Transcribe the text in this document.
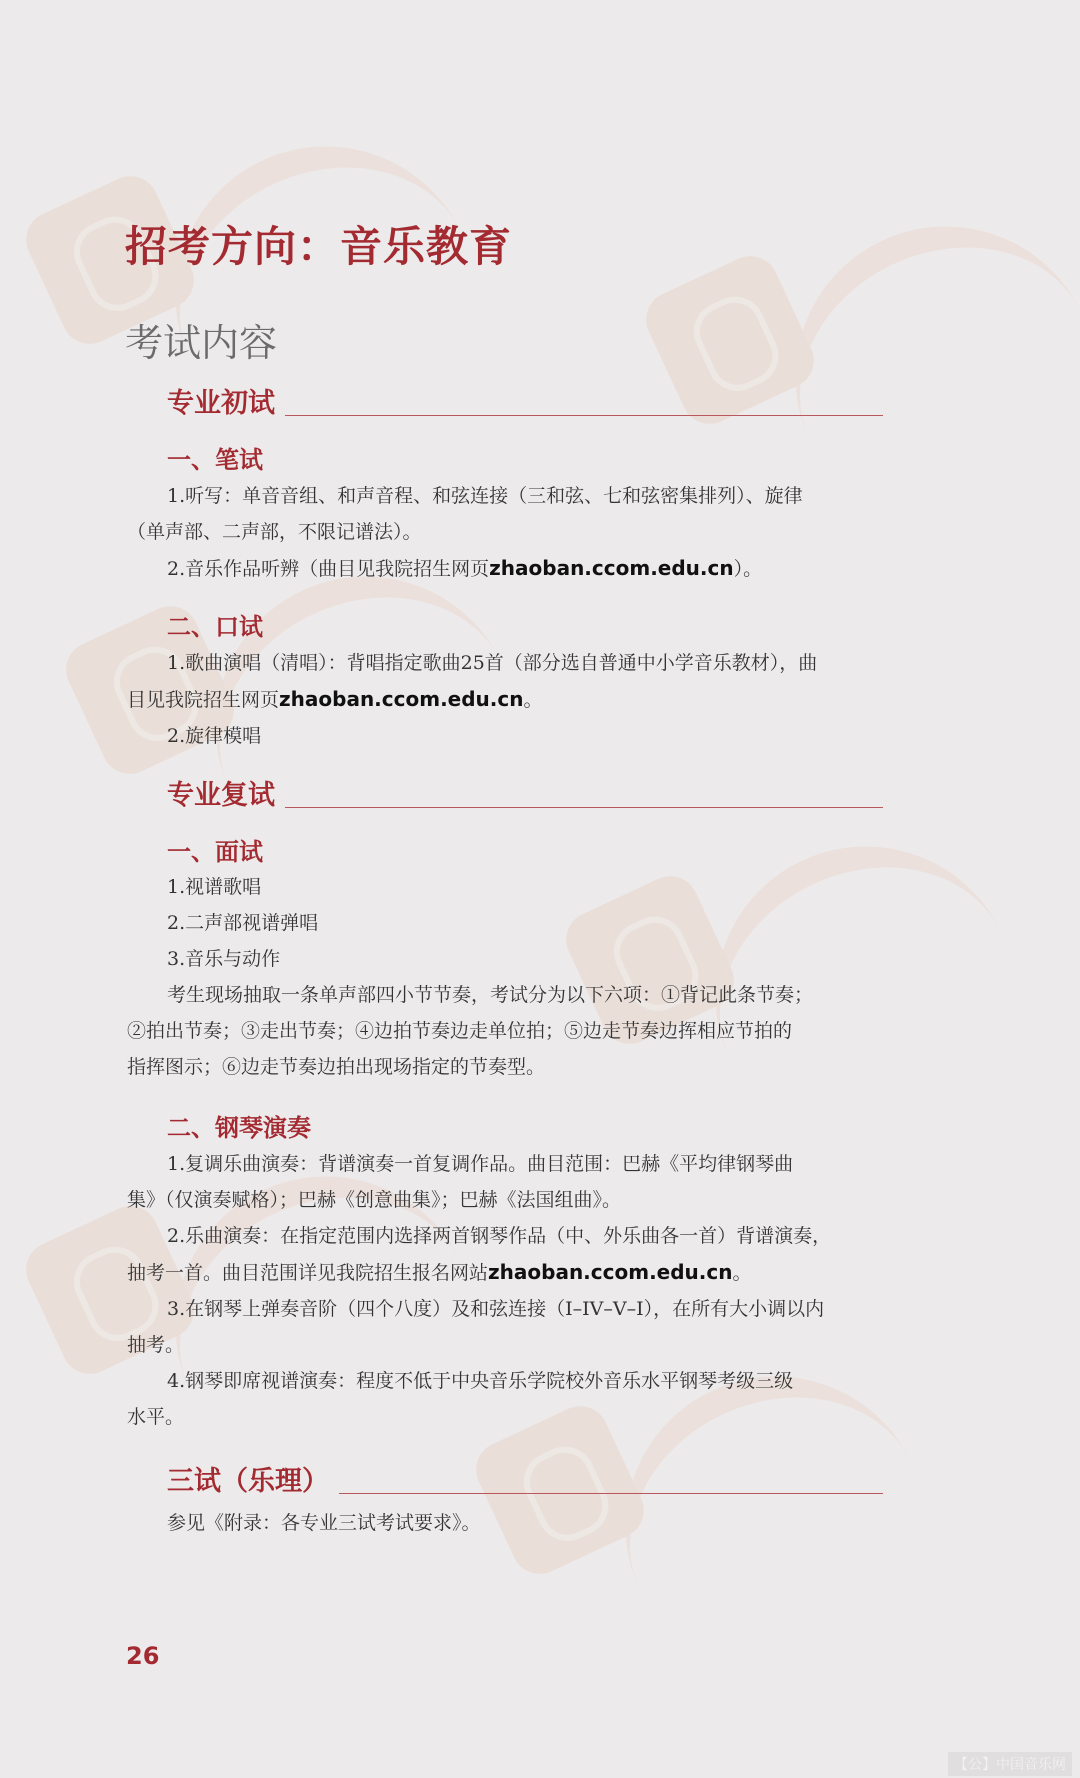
招考方向：音乐教育
考试内容
专业初试
一、笔试
1.听写：单音音组、和声音程、和弦连接（三和弦、七和弦密集排列）、旋律
（单声部、二声部，不限记谱法）。
2.音乐作品听辨（曲目见我院招生网页zhaoban.ccom.edu.cn）。
二、口试
1.歌曲演唱（清唱）：背唱指定歌曲25首（部分选自普通中小学音乐教材），曲
目见我院招生网页zhaoban.ccom.edu.cn。
2.旋律模唱
专业复试
一、面试
1.视谱歌唱
2.二声部视谱弹唱
3.音乐与动作
考生现场抽取一条单声部四小节节奏，考试分为以下六项：①背记此条节奏；
②拍出节奏；③走出节奏；④边拍节奏边走单位拍；⑤边走节奏边挥相应节拍的
指挥图示；⑥边走节奏边拍出现场指定的节奏型。
二、钢琴演奏
1.复调乐曲演奏：背谱演奏一首复调作品。曲目范围：巴赫《平均律钢琴曲
集》（仅演奏赋格）；巴赫《创意曲集》；巴赫《法国组曲》。
2.乐曲演奏：在指定范围内选择两首钢琴作品（中、外乐曲各一首）背谱演奏，
抽考一首。曲目范围详见我院招生报名网站zhaoban.ccom.edu.cn。
3.在钢琴上弹奏音阶（四个八度）及和弦连接（I–IV–V–I），在所有大小调以内
抽考。
4.钢琴即席视谱演奏：程度不低于中央音乐学院校外音乐水平钢琴考级三级
水平。
三试（乐理）
参见《附录：各专业三试考试要求》。
26
【公】中国音乐网
